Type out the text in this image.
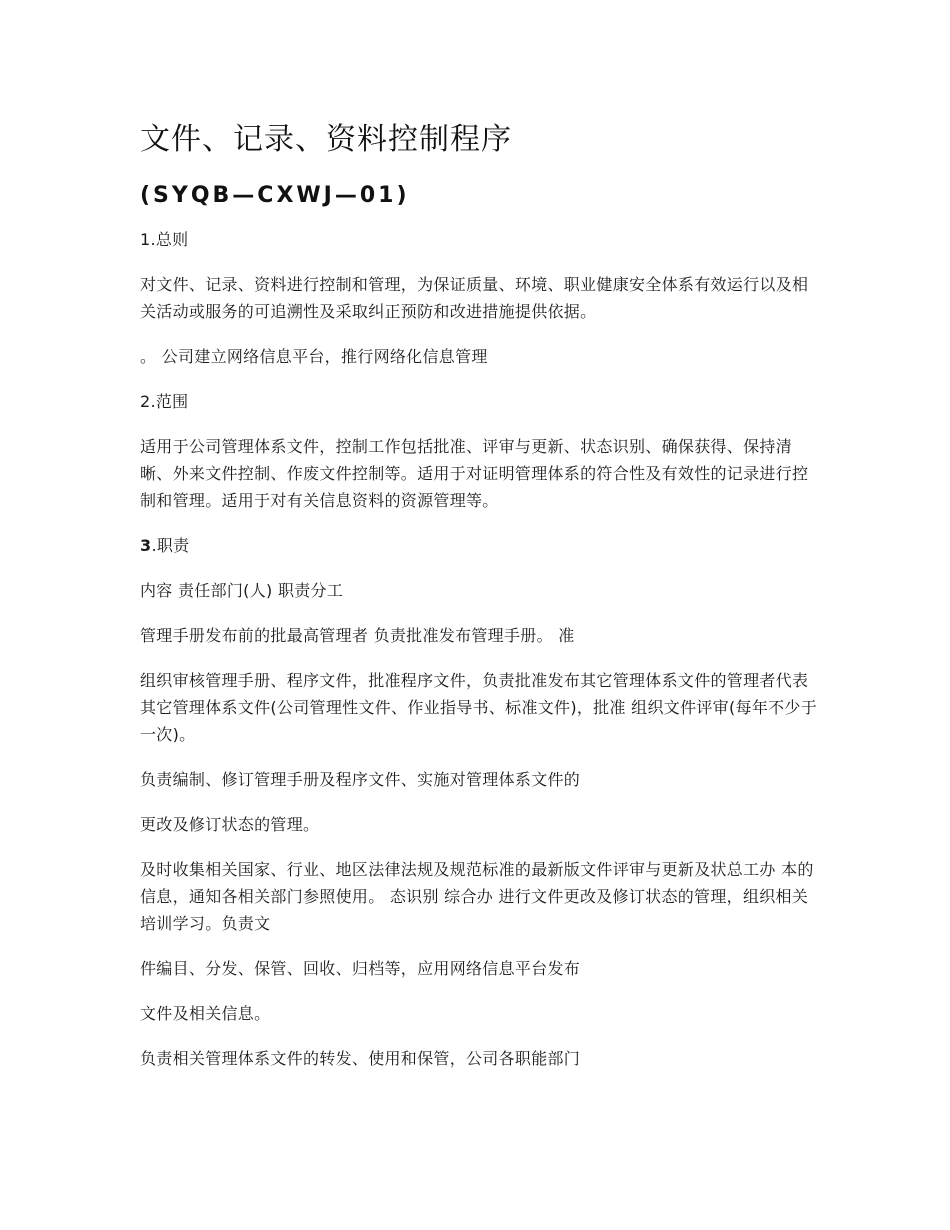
文件、记录、资料控制程序
(SYQB—CXWJ—01)

1.总则

对文件、记录、资料进行控制和管理，为保证质量、环境、职业健康安全体系有效运行以及相关活动或服务的可追溯性及采取纠正预防和改进措施提供依据。

。 公司建立网络信息平台，推行网络化信息管理

2.范围

适用于公司管理体系文件，控制工作包括批准、评审与更新、状态识别、确保获得、保持清晰、外来文件控制、作废文件控制等。适用于对证明管理体系的符合性及有效性的记录进行控制和管理。适用于对有关信息资料的资源管理等。

3.职责

内容 责任部门(人) 职责分工

管理手册发布前的批最高管理者 负责批准发布管理手册。 准

组织审核管理手册、程序文件，批准程序文件，负责批准发布其它管理体系文件的管理者代表 其它管理体系文件(公司管理性文件、作业指导书、标准文件)，批准 组织文件评审(每年不少于一次)。

负责编制、修订管理手册及程序文件、实施对管理体系文件的

更改及修订状态的管理。

及时收集相关国家、行业、地区法律法规及规范标准的最新版文件评审与更新及状总工办 本的信息，通知各相关部门参照使用。 态识别 综合办 进行文件更改及修订状态的管理，组织相关培训学习。负责文

件编目、分发、保管、回收、归档等，应用网络信息平台发布

文件及相关信息。

负责相关管理体系文件的转发、使用和保管，公司各职能部门
